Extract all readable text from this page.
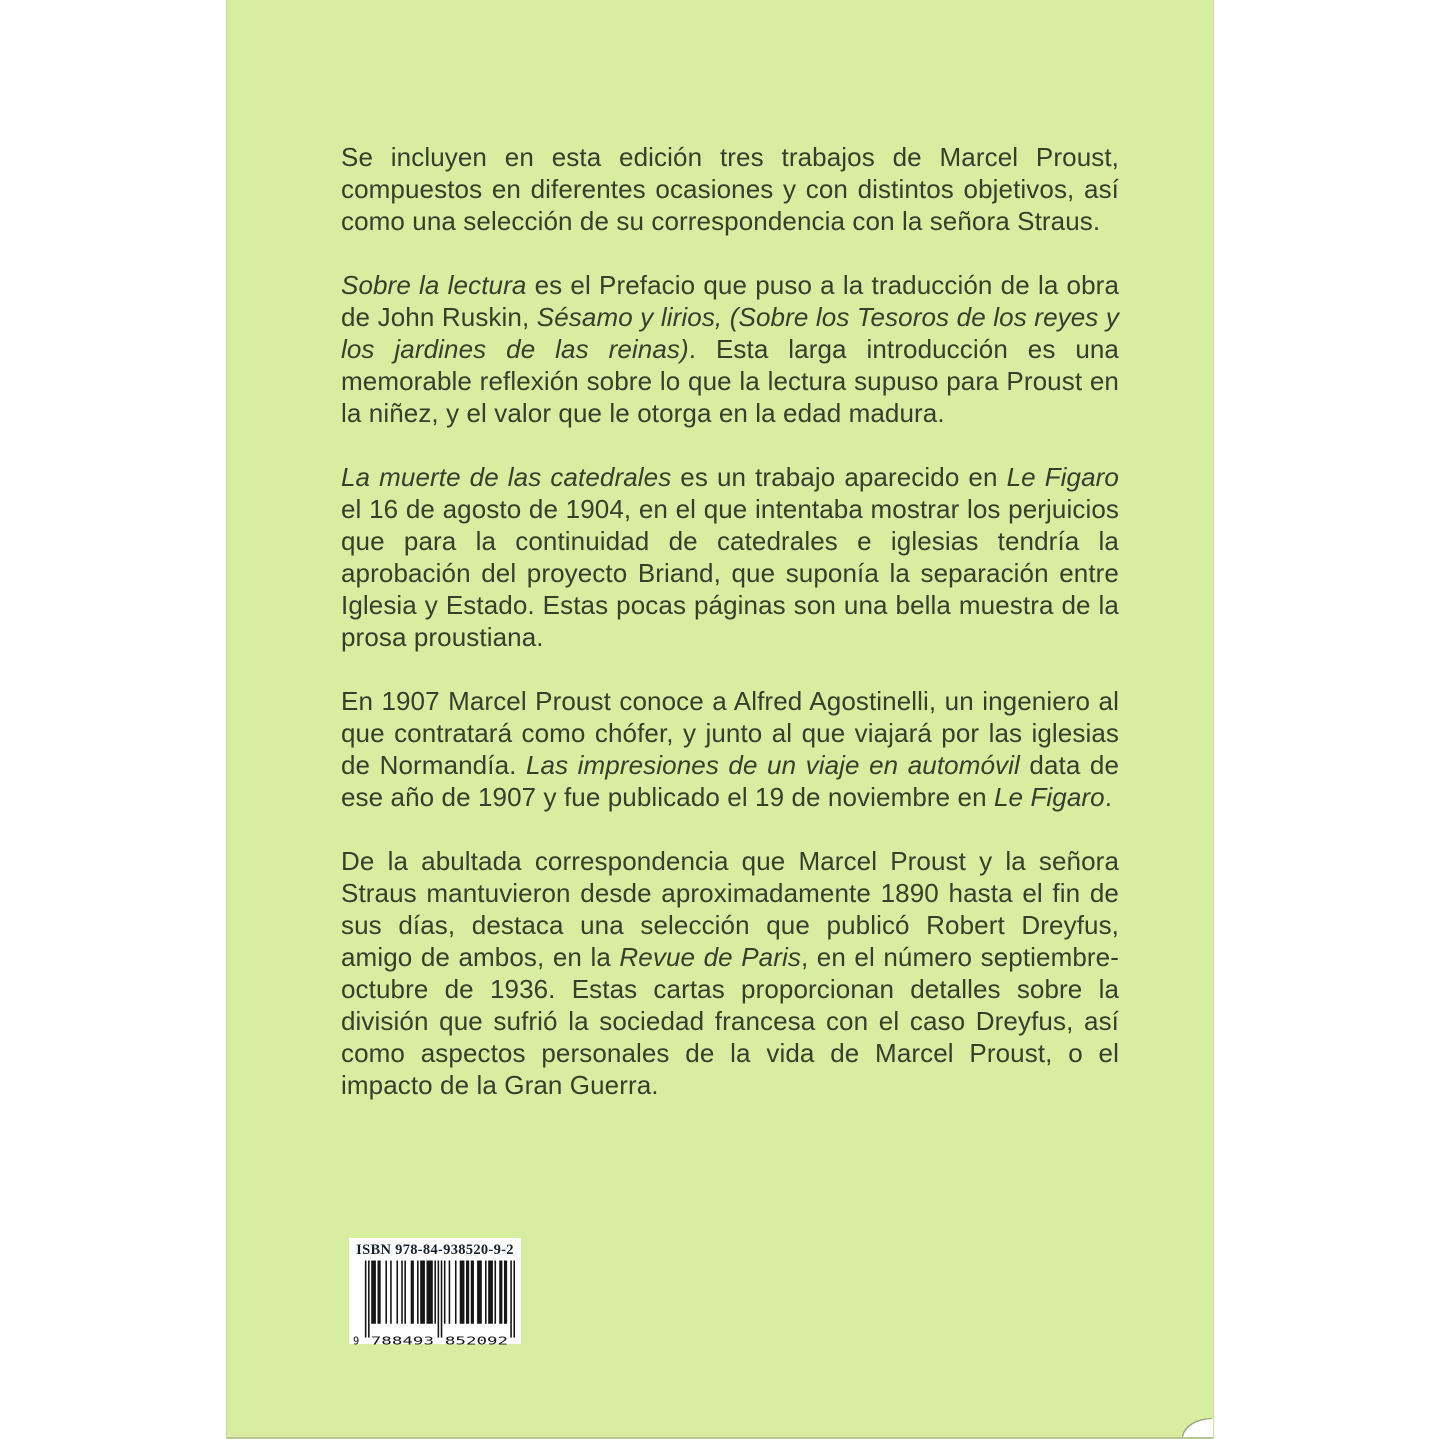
Se incluyen en esta edición tres trabajos de Marcel Proust, compuestos en diferentes ocasiones y con distintos objetivos, así como una selección de su correspondencia con la señora Straus.

Sobre la lectura es el Prefacio que puso a la traducción de la obra de John Ruskin, Sésamo y lirios, (Sobre los Tesoros de los reyes y los jardines de las reinas). Esta larga introducción es una memorable reflexión sobre lo que la lectura supuso para Proust en la niñez, y el valor que le otorga en la edad madura.

La muerte de las catedrales es un trabajo aparecido en Le Figaro el 16 de agosto de 1904, en el que intentaba mostrar los perjuicios que para la continuidad de catedrales e iglesias tendría la aprobación del proyecto Briand, que suponía la separación entre Iglesia y Estado. Estas pocas páginas son una bella muestra de la prosa proustiana.

En 1907 Marcel Proust conoce a Alfred Agostinelli, un ingeniero al que contratará como chófer, y junto al que viajará por las iglesias de Normandía. Las impresiones de un viaje en automóvil data de ese año de 1907 y fue publicado el 19 de noviembre en Le Figaro.

De la abultada correspondencia que Marcel Proust y la señora Straus mantuvieron desde aproximadamente 1890 hasta el fin de sus días, destaca una selección que publicó Robert Dreyfus, amigo de ambos, en la Revue de Paris, en el número septiembre-octubre de 1936. Estas cartas proporcionan detalles sobre la división que sufrió la sociedad francesa con el caso Dreyfus, así como aspectos personales de la vida de Marcel Proust, o el impacto de la Gran Guerra.

ISBN 978-84-938520-9-2
9 788493 852092
